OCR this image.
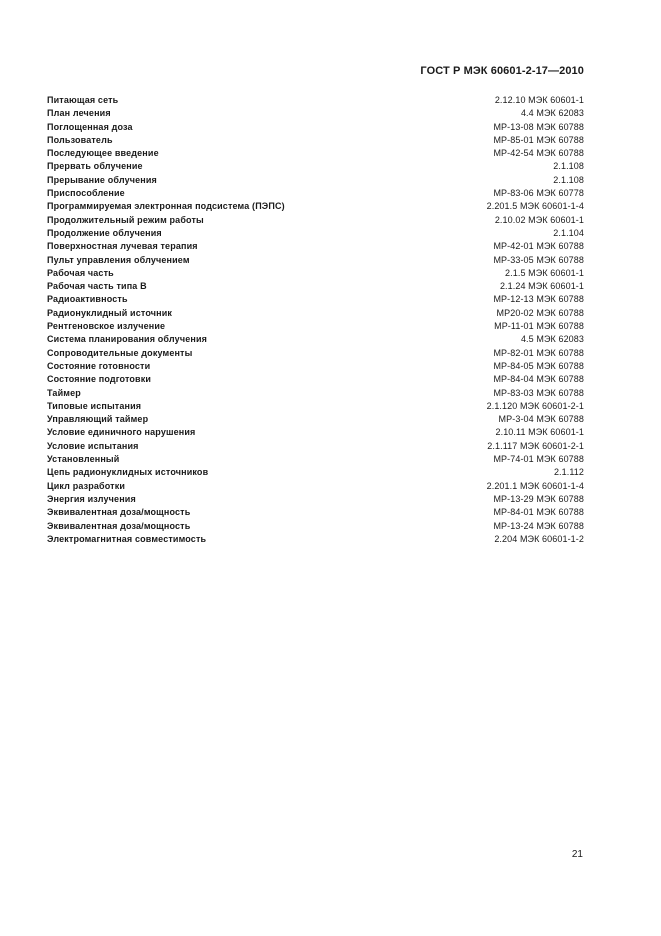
ГОСТ Р МЭК 60601-2-17—2010
Питающая сеть	2.12.10 МЭК 60601-1
План лечения	4.4 МЭК 62083
Поглощенная доза	МР-13-08 МЭК 60788
Пользователь	МР-85-01 МЭК 60788
Последующее введение	МР-42-54 МЭК 60788
Прервать облучение	2.1.108
Прерывание облучения	2.1.108
Приспособление	МР-83-06 МЭК 60778
Программируемая электронная подсистема (ПЭПС)	2.201.5 МЭК 60601-1-4
Продолжительный режим работы	2.10.02 МЭК 60601-1
Продолжение облучения	2.1.104
Поверхностная лучевая терапия	МР-42-01 МЭК 60788
Пульт управления облучением	МР-33-05 МЭК 60788
Рабочая часть	2.1.5 МЭК 60601-1
Рабочая часть типа В	2.1.24 МЭК 60601-1
Радиоактивность	МР-12-13 МЭК 60788
Радионуклидный источник	МР20-02 МЭК 60788
Рентгеновское излучение	МР-11-01 МЭК 60788
Система планирования облучения	4.5 МЭК 62083
Сопроводительные документы	МР-82-01 МЭК 60788
Состояние готовности	МР-84-05 МЭК 60788
Состояние подготовки	МР-84-04 МЭК 60788
Таймер	МР-83-03 МЭК 60788
Типовые испытания	2.1.120 МЭК 60601-2-1
Управляющий таймер	МР-3-04 МЭК 60788
Условие единичного нарушения	2.10.11 МЭК 60601-1
Условие испытания	2.1.117 МЭК 60601-2-1
Установленный	МР-74-01 МЭК 60788
Цепь радионуклидных источников	2.1.112
Цикл разработки	2.201.1 МЭК 60601-1-4
Энергия излучения	МР-13-29 МЭК 60788
Эквивалентная доза/мощность	МР-84-01 МЭК 60788
Эквивалентная доза/мощность	МР-13-24 МЭК 60788
Электромагнитная совместимость	2.204 МЭК 60601-1-2
21
